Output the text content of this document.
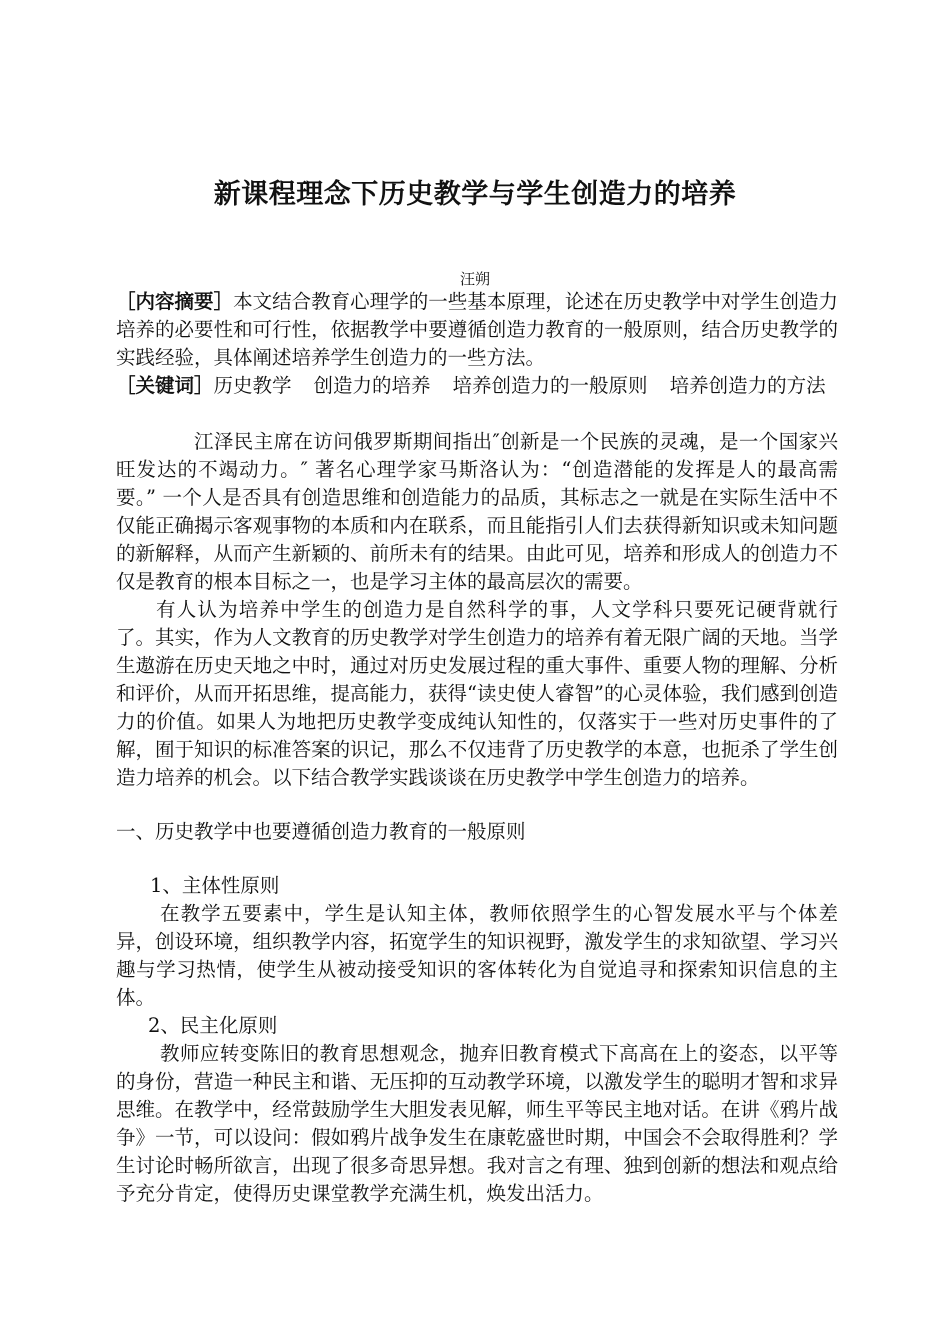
新课程理念下历史教学与学生创造力的培养
汪朔

［内容摘要］本文结合教育心理学的一些基本原理，论述在历史教学中对学生创造力培养的必要性和可行性，依据教学中要遵循创造力教育的一般原则，结合历史教学的实践经验，具体阐述培养学生创造力的一些方法。

［关键词］历史教学 创造力的培养 培养创造力的一般原则 培养创造力的方法

江泽民主席在访问俄罗斯期间指出″创新是一个民族的灵魂，是一个国家兴旺发达的不竭动力。″ 著名心理学家马斯洛认为：“创造潜能的发挥是人的最高需要。” 一个人是否具有创造思维和创造能力的品质，其标志之一就是在实际生活中不仅能正确揭示客观事物的本质和内在联系，而且能指引人们去获得新知识或未知问题的新解释，从而产生新颖的、前所未有的结果。由此可见，培养和形成人的创造力不仅是教育的根本目标之一，也是学习主体的最高层次的需要。

有人认为培养中学生的创造力是自然科学的事，人文学科只要死记硬背就行了。其实，作为人文教育的历史教学对学生创造力的培养有着无限广阔的天地。当学生遨游在历史天地之中时，通过对历史发展过程的重大事件、重要人物的理解、分析和评价，从而开拓思维，提高能力，获得“读史使人睿智”的心灵体验，我们感到创造力的价值。如果人为地把历史教学变成纯认知性的，仅落实于一些对历史事件的了解，囿于知识的标准答案的识记，那么不仅违背了历史教学的本意，也扼杀了学生创造力培养的机会。以下结合教学实践谈谈在历史教学中学生创造力的培养。

一、历史教学中也要遵循创造力教育的一般原则

1、主体性原则

在教学五要素中，学生是认知主体，教师依照学生的心智发展水平与个体差异，创设环境，组织教学内容，拓宽学生的知识视野，激发学生的求知欲望、学习兴趣与学习热情，使学生从被动接受知识的客体转化为自觉追寻和探索知识信息的主体。

2、民主化原则

教师应转变陈旧的教育思想观念，抛弃旧教育模式下高高在上的姿态，以平等的身份，营造一种民主和谐、无压抑的互动教学环境，以激发学生的聪明才智和求异思维。在教学中，经常鼓励学生大胆发表见解，师生平等民主地对话。在讲《鸦片战争》一节，可以设问：假如鸦片战争发生在康乾盛世时期，中国会不会取得胜利？学生讨论时畅所欲言，出现了很多奇思异想。我对言之有理、独到创新的想法和观点给予充分肯定，使得历史课堂教学充满生机，焕发出活力。
